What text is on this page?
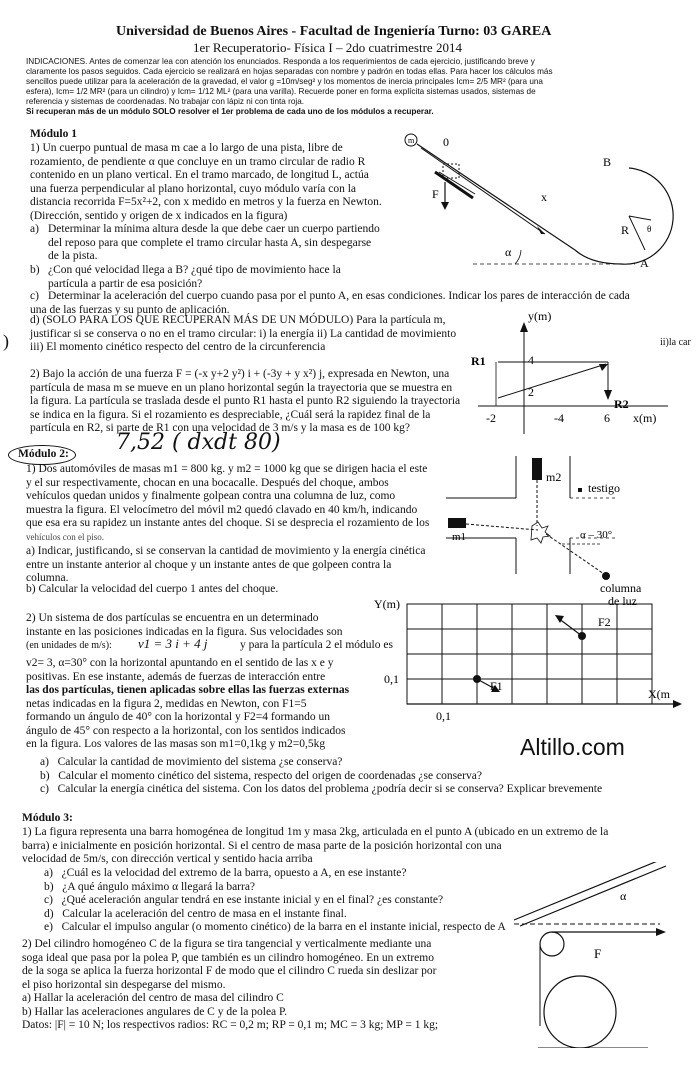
Universidad de Buenos Aires - Facultad de Ingeniería Turno: 03 GAREA
1er Recuperatorio- Física I – 2do cuatrimestre 2014
INDICACIONES. Antes de comenzar lea con atención los enunciados. Responda a los requerimientos de cada ejercicio, justificando breve y
claramente los pasos seguidos. Cada ejercicio se realizará en hojas separadas con nombre y padrón en todas ellas. Para hacer los cálculos más
sencillos puede utilizar para la aceleración de la gravedad, el valor g =10m/seg² y los momentos de inercia principales Icm= 2/5 MR² (para una
esfera), Icm= 1/2 MR² (para un cilindro) y Icm= 1/12 ML² (para una varilla). Recuerde poner en forma explícita sistemas usados, sistemas de
referencia y sistemas de coordenadas. No trabajar con lápiz ni con tinta roja.
Si recuperan más de un módulo SOLO resolver el 1er problema de cada uno de los módulos a recuperar.
Módulo 1
1) Un cuerpo puntual de masa m cae a lo largo de una pista, libre de
rozamiento, de pendiente α que concluye en un tramo circular de radio R
contenido en un plano vertical. En el tramo marcado, de longitud L, actúa
una fuerza perpendicular al plano horizontal, cuyo módulo varía con la
distancia recorrida F=5x²+2, con x medido en metros y la fuerza en Newton.
(Dirección, sentido y origen de x indicados en la figura)
a) Determinar la mínima altura desde la que debe caer un cuerpo partiendo
del reposo para que complete el tramo circular hasta A, sin despegarse
de la pista.
b) ¿Con qué velocidad llega a B? ¿qué tipo de movimiento hace la
partícula a partir de esa posición?
c) Determinar la aceleración del cuerpo cuando pasa por el punto A, en esas condiciones. Indicar los pares de interacción de cada
una de las fuerzas y su punto de aplicación.
d) (SOLO PARA LOS QUE RECUPERAN MÁS DE UN MÓDULO) Para la partícula m,
justificar si se conserva o no en el tramo circular: i) la energía ii) La cantidad de movimiento
iii) El momento cinético respecto del centro de la circunferencia
)	ii)la car
2) Bajo la acción de una fuerza F = (-x y+2 y²) i + (-3y + y x²) j, expresada en Newton, una
partícula de masa m se mueve en un plano horizontal según la trayectoria que se muestra en
la figura. La partícula se traslada desde el punto R1 hasta el punto R2 siguiendo la trayectoria
se indica en la figura. Si el rozamiento es despreciable, ¿Cuál será la rapidez final de la
partícula en R2, si parte de R1 con una velocidad de 3 m/s y la masa es de 100 kg?
m 0
x
F
α
B
R θ
A
y(m)
R1
R2
4
2
-2	-4	6 x(m)
Módulo 2: 7,52 ( dxdt 80)
1) Dos automóviles de masas m1 = 800 kg. y m2 = 1000 kg que se dirigen hacia el este
y el sur respectivamente, chocan en una bocacalle. Después del choque, ambos
vehículos quedan unidos y finalmente golpean contra una columna de luz, como
muestra la figura. El velocímetro del móvil m2 quedó clavado en 40 km/h, indicando
que esa era su rapidez un instante antes del choque. Si se desprecia el rozamiento de los
vehículos con el piso.
a) Indicar, justificando, si se conservan la cantidad de movimiento y la energía cinética
entre un instante anterior al choque y un instante antes de que golpeen contra la
columna.
b) Calcular la velocidad del cuerpo 1 antes del choque.
m2
testigo
m1	α – 30°
columna
de luz
2) Un sistema de dos partículas se encuentra en un determinado
instante en las posiciones indicadas en la figura. Sus velocidades son
(en unidades de m/s): v1 = 3 i + 4 j	y para la partícula 2 el módulo es
v2= 3, α=30° con la horizontal apuntando en el sentido de las x e y
positivas. En ese instante, además de fuerzas de interacción entre
las dos partículas, tienen aplicadas sobre ellas las fuerzas externas
netas indicadas en la figura 2, medidas en Newton, con F1=5
formando un ángulo de 40° con la horizontal y F2=4 formando un
ángulo de 45° con respecto a la horizontal, con los sentidos indicados
en la figura. Los valores de las masas son m1=0,1kg y m2=0,5kg
a) Calcular la cantidad de movimiento del sistema ¿se conserva?
b) Calcular el momento cinético del sistema, respecto del origen de coordenadas ¿se conserva?
c) Calcular la energía cinética del sistema. Con los datos del problema ¿podría decir si se conserva? Explicar brevemente
Y(m)
X(m
F1
F2
0,1
0,1
Altillo.com
Módulo 3:
1) La figura representa una barra homogénea de longitud 1m y masa 2kg, articulada en el punto A (ubicado en un extremo de la
barra) e inicialmente en posición horizontal. Si el centro de masa parte de la posición horizontal con una
velocidad de 5m/s, con dirección vertical y sentido hacia arriba
a) ¿Cuál es la velocidad del extremo de la barra, opuesto a A, en ese instante?
b) ¿A qué ángulo máximo α llegará la barra?
c) ¿Qué aceleración angular tendrá en ese instante inicial y en el final? ¿es constante?
d) Calcular la aceleración del centro de masa en el instante final.
e) Calcular el impulso angular (o momento cinético) de la barra en el instante inicial, respecto de A
α
2) Del cilindro homogéneo C de la figura se tira tangencial y verticalmente mediante una
soga ideal que pasa por la polea P, que también es un cilindro homogéneo. En un extremo
de la soga se aplica la fuerza horizontal F de modo que el cilindro C rueda sin deslizar por
el piso horizontal sin despegarse del mismo.
a) Hallar la aceleración del centro de masa del cilindro C
b) Hallar las aceleraciones angulares de C y de la polea P.
Datos: |F| = 10 N; los respectivos radios: RC = 0,2 m; RP = 0,1 m; MC = 3 kg; MP = 1 kg;
F
